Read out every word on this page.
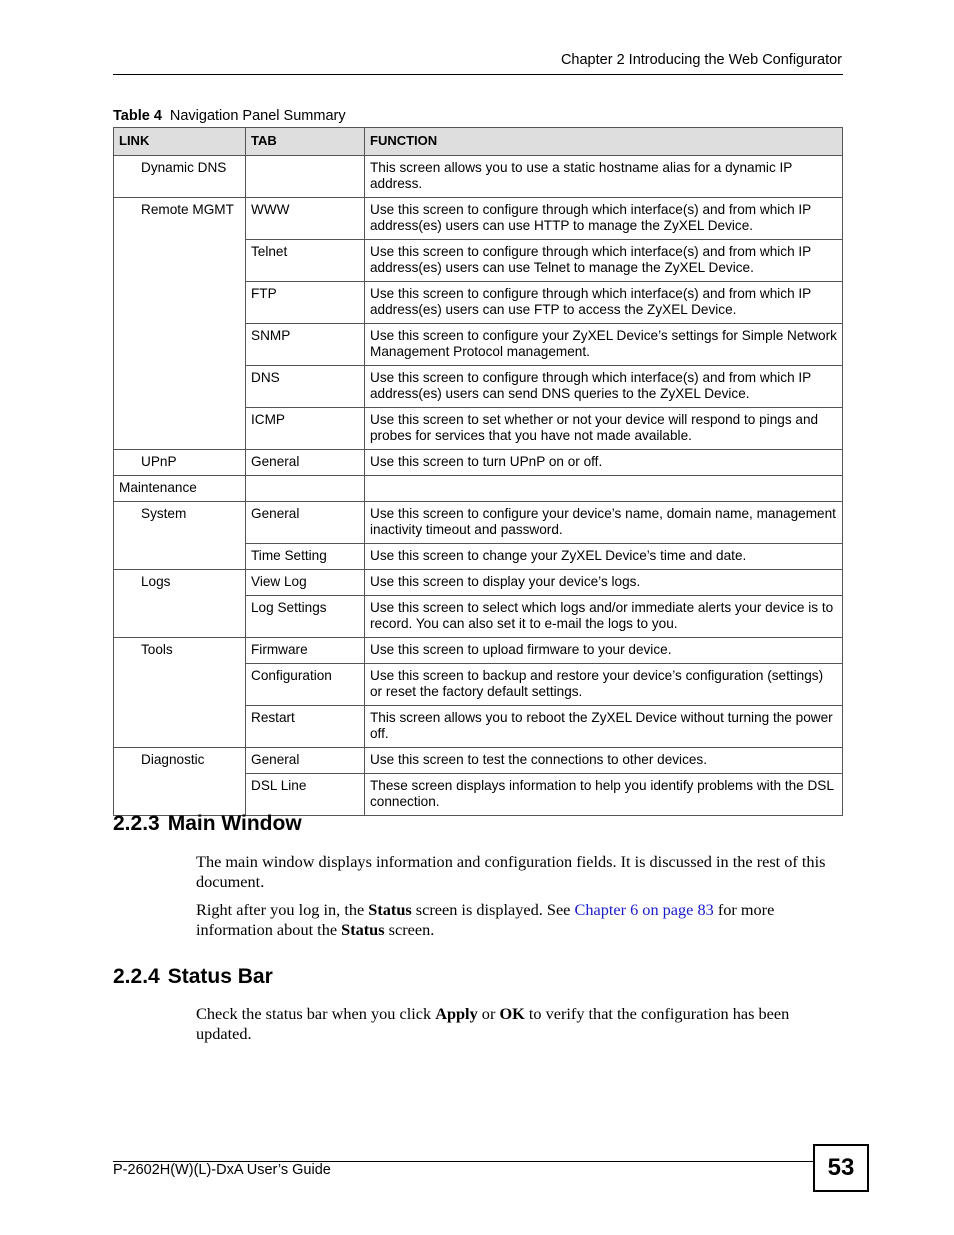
Chapter 2 Introducing the Web Configurator
Table 4 Navigation Panel Summary
LINK	TAB	FUNCTION
Dynamic DNS		This screen allows you to use a static hostname alias for a dynamic IP address.
Remote MGMT	WWW	Use this screen to configure through which interface(s) and from which IP address(es) users can use HTTP to manage the ZyXEL Device.
	Telnet	Use this screen to configure through which interface(s) and from which IP address(es) users can use Telnet to manage the ZyXEL Device.
	FTP	Use this screen to configure through which interface(s) and from which IP address(es) users can use FTP to access the ZyXEL Device.
	SNMP	Use this screen to configure your ZyXEL Device’s settings for Simple Network Management Protocol management.
	DNS	Use this screen to configure through which interface(s) and from which IP address(es) users can send DNS queries to the ZyXEL Device.
	ICMP	Use this screen to set whether or not your device will respond to pings and probes for services that you have not made available.
UPnP	General	Use this screen to turn UPnP on or off.
Maintenance		
System	General	Use this screen to configure your device’s name, domain name, management inactivity timeout and password.
	Time Setting	Use this screen to change your ZyXEL Device’s time and date.
Logs	View Log	Use this screen to display your device’s logs.
	Log Settings	Use this screen to select which logs and/or immediate alerts your device is to record. You can also set it to e-mail the logs to you.
Tools	Firmware	Use this screen to upload firmware to your device.
	Configuration	Use this screen to backup and restore your device’s configuration (settings) or reset the factory default settings.
	Restart	This screen allows you to reboot the ZyXEL Device without turning the power off.
Diagnostic	General	Use this screen to test the connections to other devices.
	DSL Line	These screen displays information to help you identify problems with the DSL connection.
2.2.3 Main Window

The main window displays information and configuration fields. It is discussed in the rest of this document.

Right after you log in, the Status screen is displayed. See Chapter 6 on page 83 for more information about the Status screen.

2.2.4 Status Bar

Check the status bar when you click Apply or OK to verify that the configuration has been updated.

P-2602H(W)(L)-DxA User’s Guide	53
